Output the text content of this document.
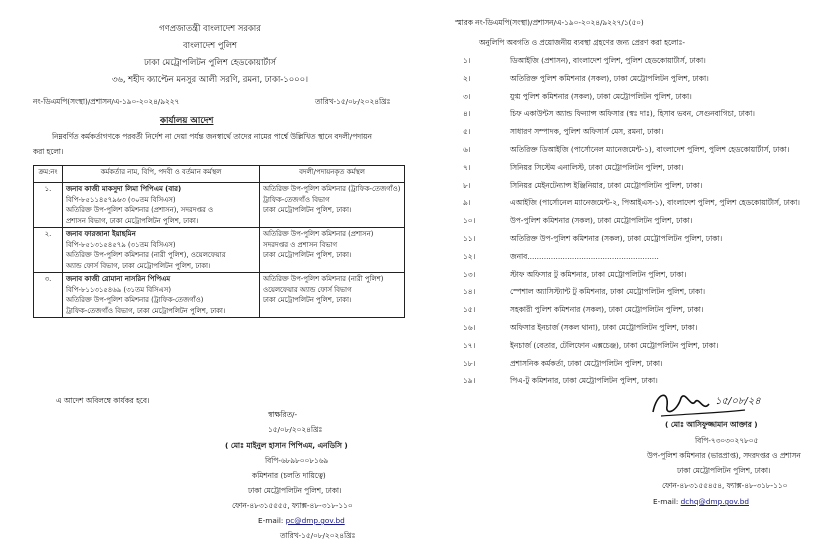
গণপ্রজাতন্ত্রী বাংলাদেশ সরকার
বাংলাদেশ পুলিশ
ঢাকা মেট্রোপলিটন পুলিশ হেডকোয়ার্টার্স
৩৬, শহীদ ক্যাপ্টেন মনসুর আলী সরণি, রমনা, ঢাকা-১০০০।
নং-ডিএমপি(সংস্থা)/প্রশাসন/এ-১৯০-২০২৪/৯২২৭	তারিখ-১৫/০৮/২০২৪খ্রিঃ
কার্যালয় আদেশ
নিম্নবর্ণিত কর্মকর্তাগণকে পরবর্তী নির্দেশ না দেয়া পর্যন্ত জনস্বার্থে তাদের নামের পার্শ্বে উল্লিখিত স্থানে বদলী/পদায়ন
করা হলো।
ক্রম:নং	কর্মকর্তার নাম, বিপি, পদবী ও বর্তমান কর্মস্থল	বদলী/পদায়নকৃত কর্মস্থল
১.	জনাব কাজী মাকসুদা লিমা পিপিএম (বার)
বিপি-৮৫১১৪৫৭৯৬৩ (৩০তম বিসিএস)
অতিরিক্ত উপ-পুলিশ কমিশনার (প্রশাসন), সদরদপ্তর ও
প্রশাসন বিভাগ, ঢাকা মেট্রোপলিটন পুলিশ, ঢাকা।	অতিরিক্ত উপ-পুলিশ কমিশনার (ট্রাফিক-তেজগাঁও)
ট্রাফিক-তেজগাঁও বিভাগ
ঢাকা মেট্রোপলিটন পুলিশ, ঢাকা।

২.	জনাব ফারজানা ইয়াছমিন
বিপি-৮৫১৩১৫৪৫৭৯ (৩১তম বিসিএস)
অতিরিক্ত উপ-পুলিশ কমিশনার (নারী পুলিশ), ওয়েলফেয়ার
অ্যান্ড ফোর্স বিভাগ, ঢাকা মেট্রোপলিটন পুলিশ, ঢাকা।	অতিরিক্ত উপ-পুলিশ কমিশনার (প্রশাসন)
সদরদপ্তর ও প্রশাসন বিভাগ
ঢাকা মেট্রোপলিটন পুলিশ, ঢাকা।

৩.	জনাব কাজী রোমানা নাসরিন পিপিএম
বিপি-৮১১৩১৫৪৬৯ (৩১তম বিসিএস)
অতিরিক্ত উপ-পুলিশ কমিশনার (ট্রাফিক-তেজগাঁও)
ট্রাফিক-তেজগাঁও বিভাগ, ঢাকা মেট্রোপলিটন পুলিশ, ঢাকা।	অতিরিক্ত উপ-পুলিশ কমিশনার (নারী পুলিশ)
ওয়েলফেয়ার অ্যান্ড ফোর্স বিভাগ
ঢাকা মেট্রোপলিটন পুলিশ, ঢাকা।
এ আদেশ অবিলম্বে কার্যকর হবে।
স্বাক্ষরিত/-
১৫/০৮/২০২৪খ্রিঃ
( মোঃ মাইনুল হাসান পিপিএম, এনডিসি )
বিপি-৬৮৯৮০০৮১৬৯
কমিশনার (চলতি দায়িত্বে)
ঢাকা মেট্রোপলিটন পুলিশ, ঢাকা।
ফোন-৪৮৩১৫৫৫৫, ফ্যাক্স-৪৮-৩১৮-১১০
E-mail: pc@dmp.gov.bd
তারিখ-১৫/০৮/২০২৪খ্রিঃ
স্মারক নং-ডিএমপি(সংস্থা)/প্রশাসন/এ-১৯০-২০২৪/৯২২৭/১(৫০)
অনুলিপি অবগতি ও প্রয়োজনীয় ব্যবস্থা গ্রহণের জন্য প্রেরণ করা হলোঃ-
১।	ডিআইজি (প্রশাসন), বাংলাদেশ পুলিশ, পুলিশ হেডকোয়ার্টার্স, ঢাকা।
২।	অতিরিক্ত পুলিশ কমিশনার (সকল), ঢাকা মেট্রোপলিটন পুলিশ, ঢাকা।
৩।	যুগ্ম পুলিশ কমিশনার (সকল), ঢাকা মেট্রোপলিটন পুলিশ, ঢাকা।
৪।	চিফ একাউন্টস অ্যান্ড ফিন্যান্স অফিসার (স্বঃ দাঃ), হিসাব ভবন, সেগুনবাগিচা, ঢাকা।
৫।	সাধারণ সম্পাদক, পুলিশ অফিসার্স মেস, রমনা, ঢাকা।
৬।	অতিরিক্ত ডিআইজি (পার্সোনেল ম্যানেজমেন্ট-১), বাংলাদেশ পুলিশ, পুলিশ হেডকোয়ার্টার্স, ঢাকা।
৭।	সিনিয়র সিস্টেম এনালিস্ট, ঢাকা মেট্রোপলিটন পুলিশ, ঢাকা।
৮।	সিনিয়র মেইনটেন্যান্স ইঞ্জিনিয়ার, ঢাকা মেট্রোপলিটন পুলিশ, ঢাকা।
৯।	এআইজি (পার্সোনেল ম্যানেজমেন্ট-২, পিআইএস-১), বাংলাদেশ পুলিশ, পুলিশ হেডকোয়ার্টার্স, ঢাকা।
১০।	উপ-পুলিশ কমিশনার (সকল), ঢাকা মেট্রোপলিটন পুলিশ, ঢাকা।
১১।	অতিরিক্ত উপ-পুলিশ কমিশনার (সকল), ঢাকা মেট্রোপলিটন পুলিশ, ঢাকা।
১২।	জনাব........................................................
১৩।	স্টাফ অফিসার টু কমিশনার, ঢাকা মেট্রোপলিটন পুলিশ, ঢাকা।
১৪।	স্পেশাল অ্যাসিস্ট্যান্ট টু কমিশনার, ঢাকা মেট্রোপলিটন পুলিশ, ঢাকা।
১৫।	সহকারী পুলিশ কমিশনার (সকল), ঢাকা মেট্রোপলিটন পুলিশ, ঢাকা।
১৬।	অফিসার ইনচার্জ (সকল থানা), ঢাকা মেট্রোপলিটন পুলিশ, ঢাকা।
১৭।	ইনচার্জ (বেতার, টেলিফোন এক্সচেঞ্জ), ঢাকা মেট্রোপলিটন পুলিশ, ঢাকা।
১৮।	প্রশাসনিক কর্মকর্তা, ঢাকা মেট্রোপলিটন পুলিশ, ঢাকা।
১৯।	পিএ-টু কমিশনার, ঢাকা মেট্রোপলিটন পুলিশ, ঢাকা।
১৫/০৮/২৪
( মোঃ আসিফুজ্জামান আক্তার )
বিপি-৭৩০৩০২৭৮০৫
উপ-পুলিশ কমিশনার (ভারপ্রাপ্ত), সদরদপ্তর ও প্রশাসন
ঢাকা মেট্রোপলিটন পুলিশ, ঢাকা।
ফোন-৪৮৩১৫৫৪৫৪, ফ্যাক্স-৪৮-৩১৮-১১০
E-mail: dchq@dmp.gov.bd
